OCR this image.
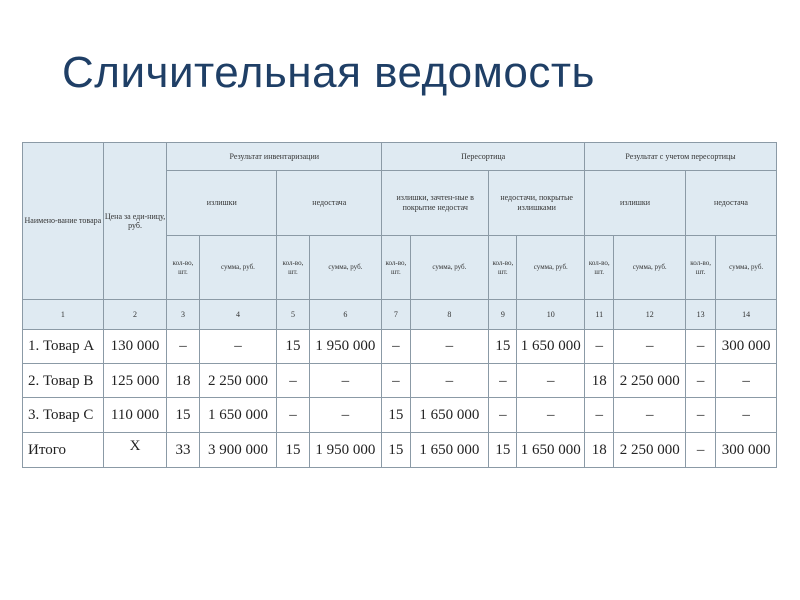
Сличительная ведомость
Наимено-вание товара	Цена за еди-ницу, руб.	Результат инвентаризации				Пересортица				Результат с учетом пересортицы			
		излишки		недостача		излишки, зачтен-ные в покрытие недостач		недостачи, покрытые излишками		излишки		недостача	
		кол-во, шт.	сумма, руб.	кол-во, шт.	сумма, руб.	кол-во, шт.	сумма, руб.	кол-во, шт.	сумма, руб.	кол-во, шт.	сумма, руб.	кол-во, шт.	сумма, руб.
1	2	3	4	5	6	7	8	9	10	11	12	13	14
1. Товар А	130 000	–	–	15	1 950 000	–	–	15	1 650 000	–	–	–	300 000
2. Товар В	125 000	18	2 250 000	–	–	–	–	–	–	18	2 250 000	–	–
3. Товар С	110 000	15	1 650 000	–	–	15	1 650 000	–	–	–	–	–	–
Итого	X	33	3 900 000	15	1 950 000	15	1 650 000	15	1 650 000	18	2 250 000	–	300 000
